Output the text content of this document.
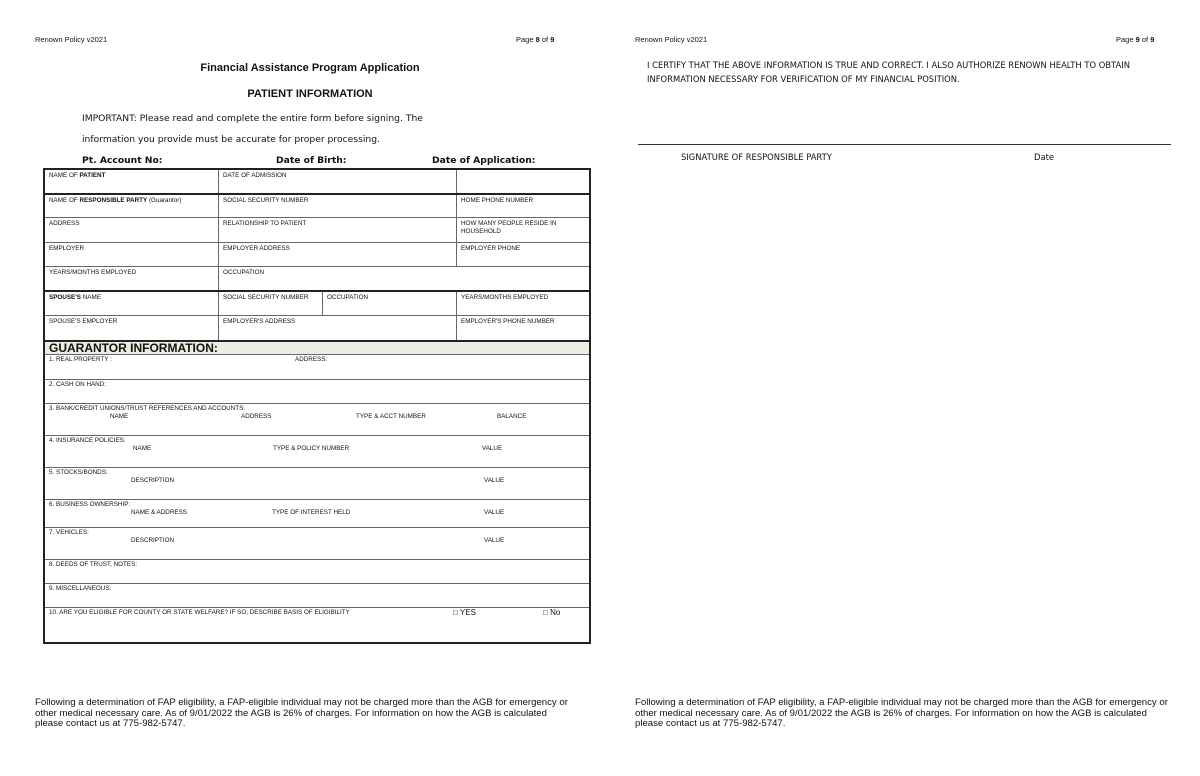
Renown Policy v2021	Page 8 of 9
Financial Assistance Program Application
PATIENT INFORMATION
IMPORTANT: Please read and complete the entire form before signing. The
information you provide must be accurate for proper processing.
Pt. Account No:	Date of Birth:	Date of Application:
NAME OF PATIENT	DATE OF ADMISSION
NAME OF RESPONSIBLE PARTY (Guarantor)	SOCIAL SECURITY NUMBER	HOME PHONE NUMBER
ADDRESS	RELATIONSHIP TO PATIENT	HOW MANY PEOPLE RESIDE IN HOUSEHOLD
EMPLOYER	EMPLOYER ADDRESS	EMPLOYER PHONE
YEARS/MONTHS EMPLOYED	OCCUPATION
SPOUSE'S NAME	SOCIAL SECURITY NUMBER	OCCUPATION	YEARS/MONTHS EMPLOYED
SPOUSE'S EMPLOYER	EMPLOYER'S ADDRESS	EMPLOYER'S PHONE NUMBER
GUARANTOR INFORMATION:
1. REAL PROPERTY :	ADDRESS:
2. CASH ON HAND:
3. BANK/CREDIT UNIONS/TRUST REFERENCES AND ACCOUNTS:
NAME	ADDRESS	TYPE & ACCT NUMBER	BALANCE
4. INSURANCE POLICIES:
NAME	TYPE & POLICY NUMBER	VALUE
5. STOCKS/BONDS:
DESCRIPTION	VALUE
6. BUSINESS OWNERSHIP:
NAME & ADDRESS	TYPE OF INTEREST HELD	VALUE
7. VEHICLES:
DESCRIPTION	VALUE
8. DEEDS OF TRUST, NOTES:
9. MISCELLANEOUS:
10. ARE YOU ELIGIBLE FOR COUNTY OR STATE WELFARE? IF SO, DESCRIBE BASIS OF ELIGIBILITY	□ YES	□ No
Following a determination of FAP eligibility, a FAP-eligible individual may not be charged more than the AGB for emergency or other medical necessary care. As of 9/01/2022 the AGB is 26% of charges. For information on how the AGB is calculated please contact us at 775-982-5747.
Renown Policy v2021	Page 9 of 9
I CERTIFY THAT THE ABOVE INFORMATION IS TRUE AND CORRECT. I ALSO AUTHORIZE RENOWN HEALTH TO OBTAIN INFORMATION NECESSARY FOR VERIFICATION OF MY FINANCIAL POSITION.
SIGNATURE OF RESPONSIBLE PARTY	Date
Following a determination of FAP eligibility, a FAP-eligible individual may not be charged more than the AGB for emergency or other medical necessary care. As of 9/01/2022 the AGB is 26% of charges. For information on how the AGB is calculated please contact us at 775-982-5747.
